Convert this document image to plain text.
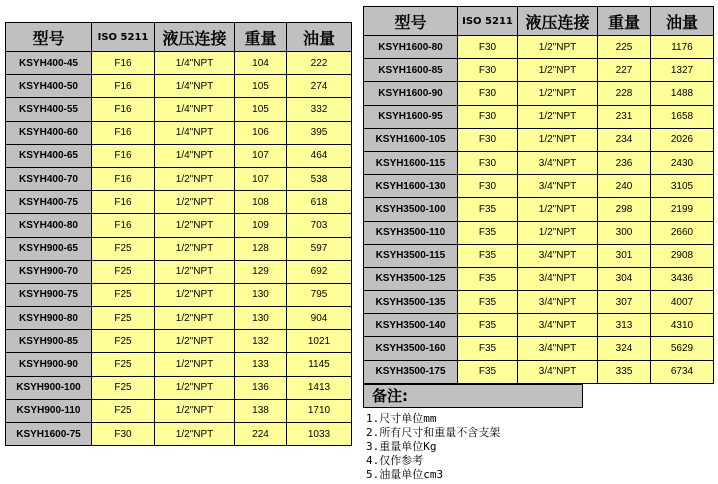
型号	ISO 5211	液压连接	重量	油量
KSYH400-45	F16	1/4"NPT	104	222
KSYH400-50	F16	1/4"NPT	105	274
KSYH400-55	F16	1/4"NPT	105	332
KSYH400-60	F16	1/4"NPT	106	395
KSYH400-65	F16	1/4"NPT	107	464
KSYH400-70	F16	1/2"NPT	107	538
KSYH400-75	F16	1/2"NPT	108	618
KSYH400-80	F16	1/2"NPT	109	703
KSYH900-65	F25	1/2"NPT	128	597
KSYH900-70	F25	1/2"NPT	129	692
KSYH900-75	F25	1/2"NPT	130	795
KSYH900-80	F25	1/2"NPT	130	904
KSYH900-85	F25	1/2"NPT	132	1021
KSYH900-90	F25	1/2"NPT	133	1145
KSYH900-100	F25	1/2"NPT	136	1413
KSYH900-110	F25	1/2"NPT	138	1710
KSYH1600-75	F30	1/2"NPT	224	1033
型号	ISO 5211	液压连接	重量	油量
KSYH1600-80	F30	1/2"NPT	225	1176
KSYH1600-85	F30	1/2"NPT	227	1327
KSYH1600-90	F30	1/2"NPT	228	1488
KSYH1600-95	F30	1/2"NPT	231	1658
KSYH1600-105	F30	1/2"NPT	234	2026
KSYH1600-115	F30	3/4"NPT	236	2430
KSYH1600-130	F30	3/4"NPT	240	3105
KSYH3500-100	F35	1/2"NPT	298	2199
KSYH3500-110	F35	1/2"NPT	300	2660
KSYH3500-115	F35	3/4"NPT	301	2908
KSYH3500-125	F35	3/4"NPT	304	3436
KSYH3500-135	F35	3/4"NPT	307	4007
KSYH3500-140	F35	3/4"NPT	313	4310
KSYH3500-160	F35	3/4"NPT	324	5629
KSYH3500-175	F35	3/4"NPT	335	6734
备注:
1.尺寸单位mm
2.所有尺寸和重量不含支架
3.重量单位Kg
4.仅作参考
5.油量单位cm3
